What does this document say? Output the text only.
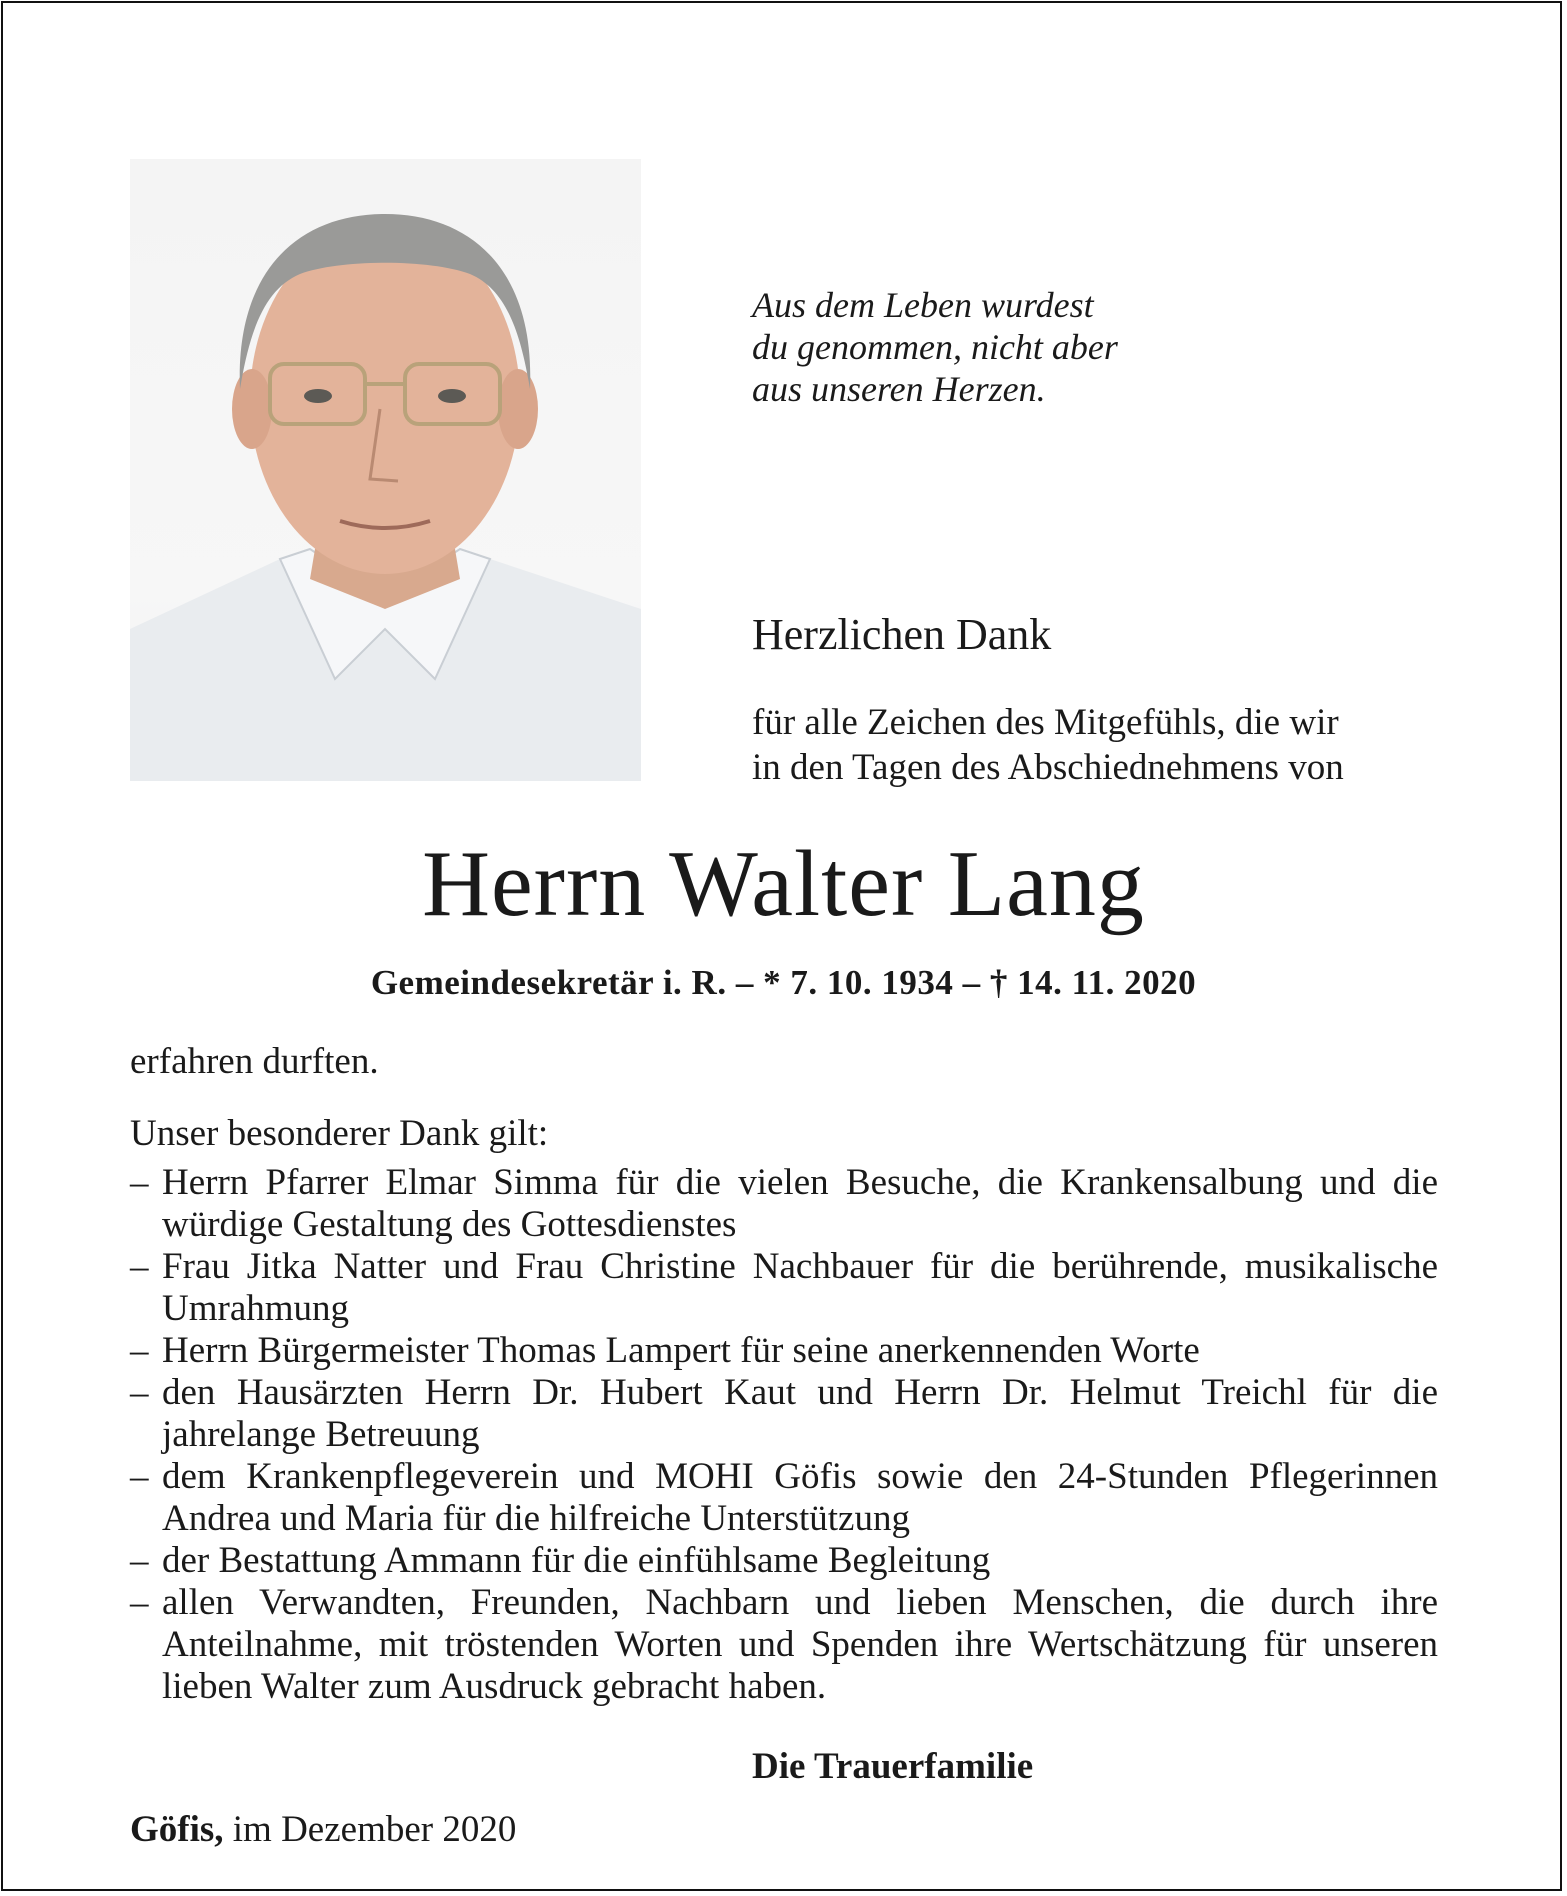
Aus dem Leben wurdest
du genommen, nicht aber
aus unseren Herzen.
Herzlichen Dank
für alle Zeichen des Mitgefühls, die wir
in den Tagen des Abschiednehmens von
Herrn Walter Lang
Gemeindesekretär i. R. – * 7. 10. 1934 – † 14. 11. 2020
erfahren durften.
Unser besonderer Dank gilt:

– Herrn Pfarrer Elmar Simma für die vielen Besuche, die Krankensalbung und die würdige Gestaltung des Gottesdienstes

– Frau Jitka Natter und Frau Christine Nachbauer für die berührende, musikalische Umrahmung

– Herrn Bürgermeister Thomas Lampert für seine anerkennenden Worte

– den Hausärzten Herrn Dr. Hubert Kaut und Herrn Dr. Helmut Treichl für die jahrelange Betreuung

– dem Krankenpflegeverein und MOHI Göfis sowie den 24-Stunden Pflegerinnen Andrea und Maria für die hilfreiche Unterstützung

– der Bestattung Ammann für die einfühlsame Begleitung

– allen Verwandten, Freunden, Nachbarn und lieben Menschen, die durch ihre Anteilnahme, mit tröstenden Worten und Spenden ihre Wertschätzung für unseren lieben Walter zum Ausdruck gebracht haben.

Die Trauerfamilie
Göfis, im Dezember 2020
